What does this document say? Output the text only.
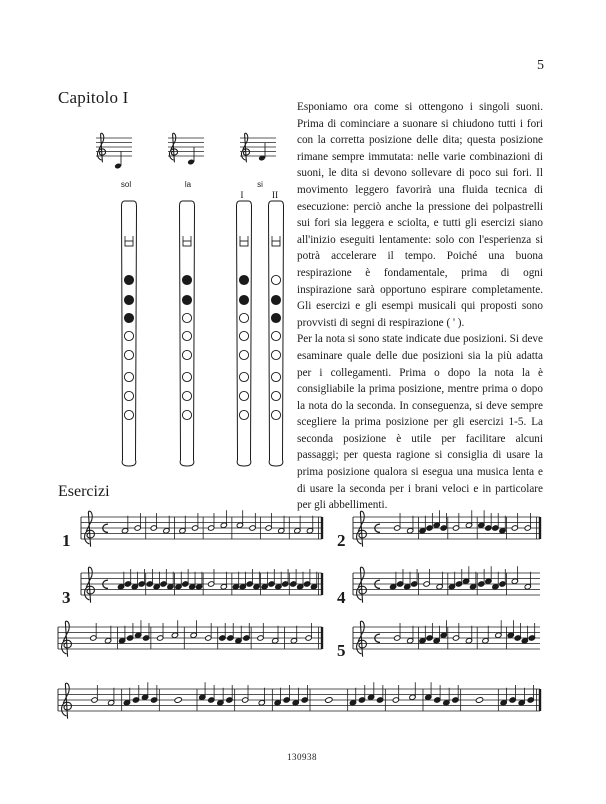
5
Capitolo I
sol	la	si
I	II

Esponiamo ora come si ottengono i singoli suoni. Prima di cominciare a suonare si chiudono tutti i fori con la corretta posizione delle dita; questa posizione rimane sempre immutata: nelle varie combinazioni di suoni, le dita si devono sollevare di poco sui fori. Il movimento leggero favorirà una fluida tecnica di esecuzione: perciò anche la pressione dei polpastrelli sui fori sia leggera e sciolta, e tutti gli esercizi siano all'inizio eseguiti lentamente: solo con l'esperienza si potrà accelerare il tempo. Poiché una buona respirazione è fondamentale, prima di ogni inspirazione sarà opportuno espirare completamente. Gli esercizi e gli esempi musicali qui proposti sono provvisti di segni di respirazione ( ' ).

Per la nota si sono state indicate due posizioni. Si deve esaminare quale delle due posizioni sia la più adatta per i collegamenti. Prima o dopo la nota la è consigliabile la prima posizione, mentre prima o dopo la nota do la seconda. In conseguenza, si deve sempre scegliere la prima posizione per gli esercizi 1-5. La seconda posizione è utile per facilitare alcuni passaggi; per questa ragione si consiglia di usare la prima posizione qualora si esegua una musica lenta e di usare la seconda per i brani veloci e in particolare per gli abbellimenti.

Esercizi
1	2
3	4
5
130938
